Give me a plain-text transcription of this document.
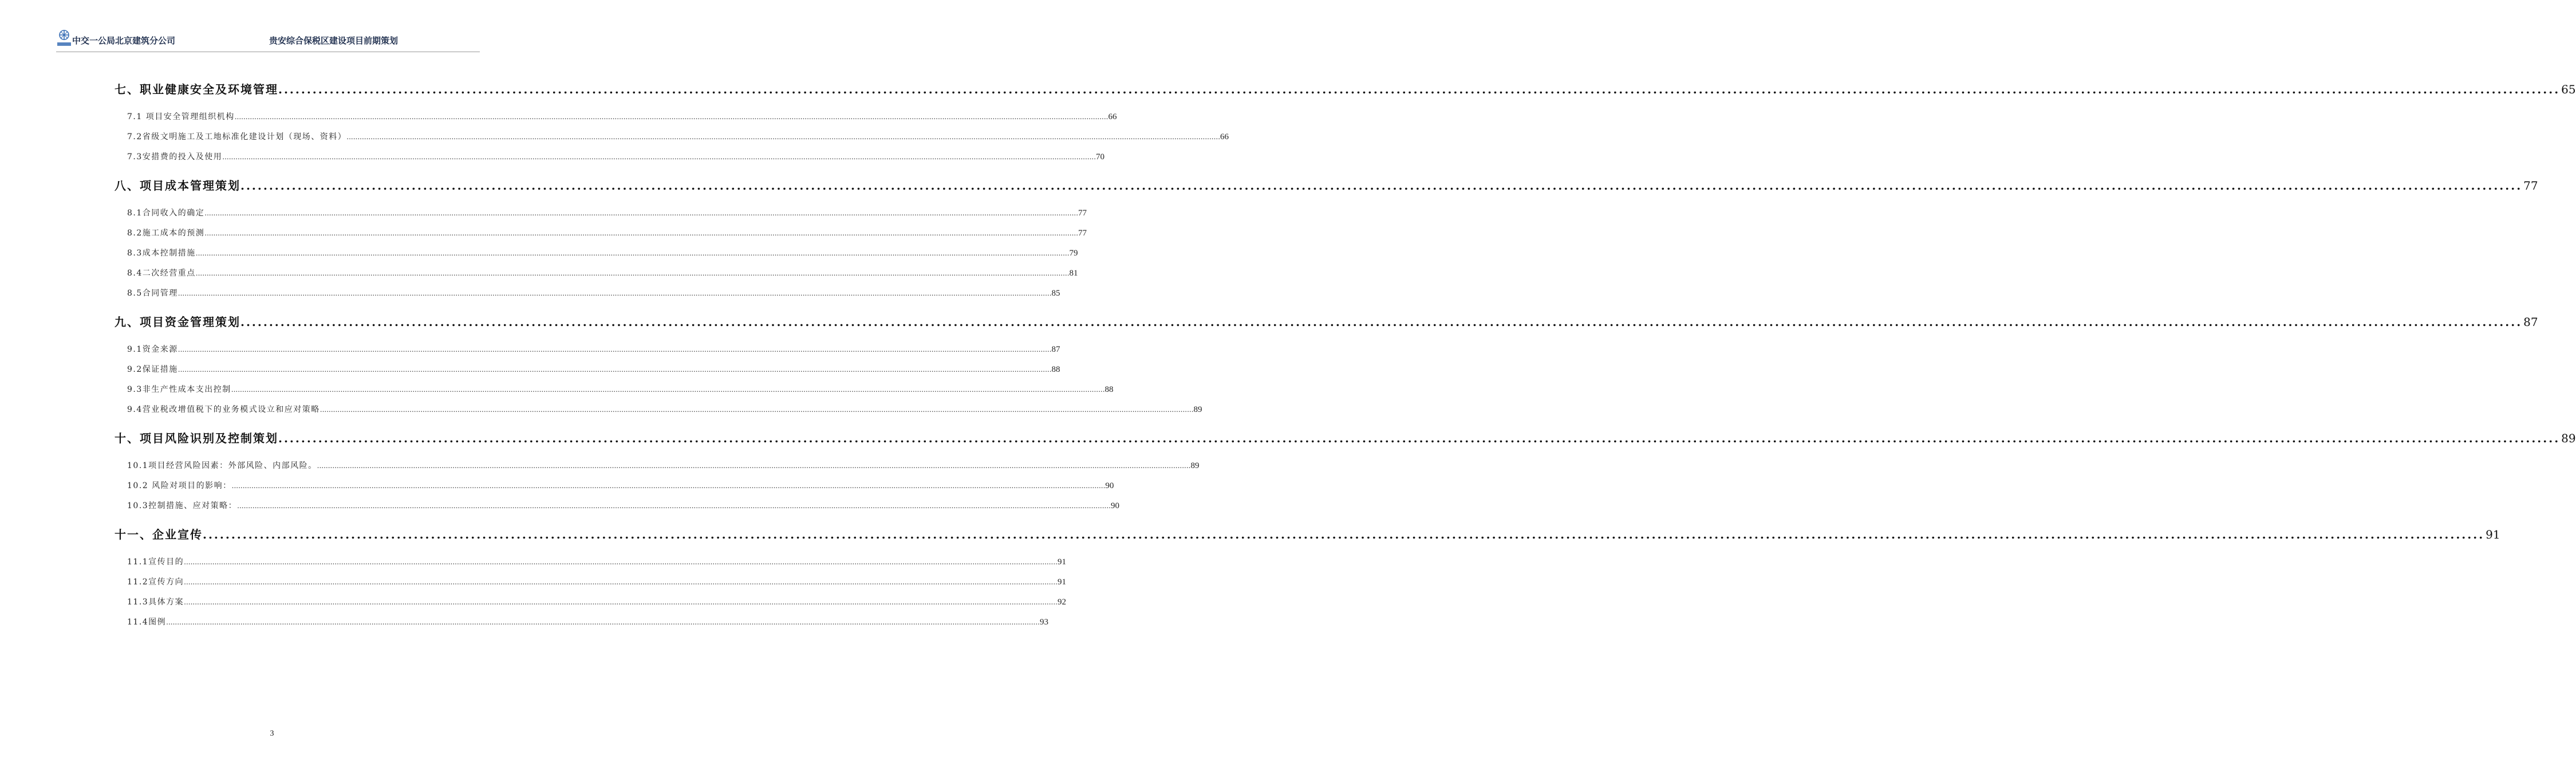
中交一公局北京建筑分公司	贵安综合保税区建设项目前期策划
七、职业健康安全及环境管理 ................................................................................................................................................................................................................................................................................................................................................................................................................ 65
7.1 项目安全管理组织机构 ................................................................................................................................................................................................................................................................................................................................................................................................................ 66
7.2省级文明施工及工地标准化建设计划（现场、资料） ................................................................................................................................................................................................................................................................................................................................................................................................................ 66
7.3安措费的投入及使用 ................................................................................................................................................................................................................................................................................................................................................................................................................ 70
八、项目成本管理策划 ................................................................................................................................................................................................................................................................................................................................................................................................................ 77
8.1合同收入的确定 ................................................................................................................................................................................................................................................................................................................................................................................................................ 77
8.2施工成本的预测 ................................................................................................................................................................................................................................................................................................................................................................................................................ 77
8.3成本控制措施 ................................................................................................................................................................................................................................................................................................................................................................................................................ 79
8.4二次经营重点 ................................................................................................................................................................................................................................................................................................................................................................................................................ 81
8.5合同管理 ................................................................................................................................................................................................................................................................................................................................................................................................................ 85
九、项目资金管理策划 ................................................................................................................................................................................................................................................................................................................................................................................................................ 87
9.1资金来源 ................................................................................................................................................................................................................................................................................................................................................................................................................ 87
9.2保证措施 ................................................................................................................................................................................................................................................................................................................................................................................................................ 88
9.3非生产性成本支出控制 ................................................................................................................................................................................................................................................................................................................................................................................................................ 88
9.4营业税改增值税下的业务模式设立和应对策略 ................................................................................................................................................................................................................................................................................................................................................................................................................ 89
十、项目风险识别及控制策划 ................................................................................................................................................................................................................................................................................................................................................................................................................ 89
10.1项目经营风险因素：外部风险、内部风险。 ................................................................................................................................................................................................................................................................................................................................................................................................................ 89
10.2 风险对项目的影响： ................................................................................................................................................................................................................................................................................................................................................................................................................ 90
10.3控制措施、应对策略： ................................................................................................................................................................................................................................................................................................................................................................................................................ 90
十一、企业宣传 ................................................................................................................................................................................................................................................................................................................................................................................................................ 91
11.1宣传目的 ................................................................................................................................................................................................................................................................................................................................................................................................................ 91
11.2宣传方向 ................................................................................................................................................................................................................................................................................................................................................................................................................ 91
11.3具体方案 ................................................................................................................................................................................................................................................................................................................................................................................................................ 92
11.4图例 ................................................................................................................................................................................................................................................................................................................................................................................................................ 93
3
